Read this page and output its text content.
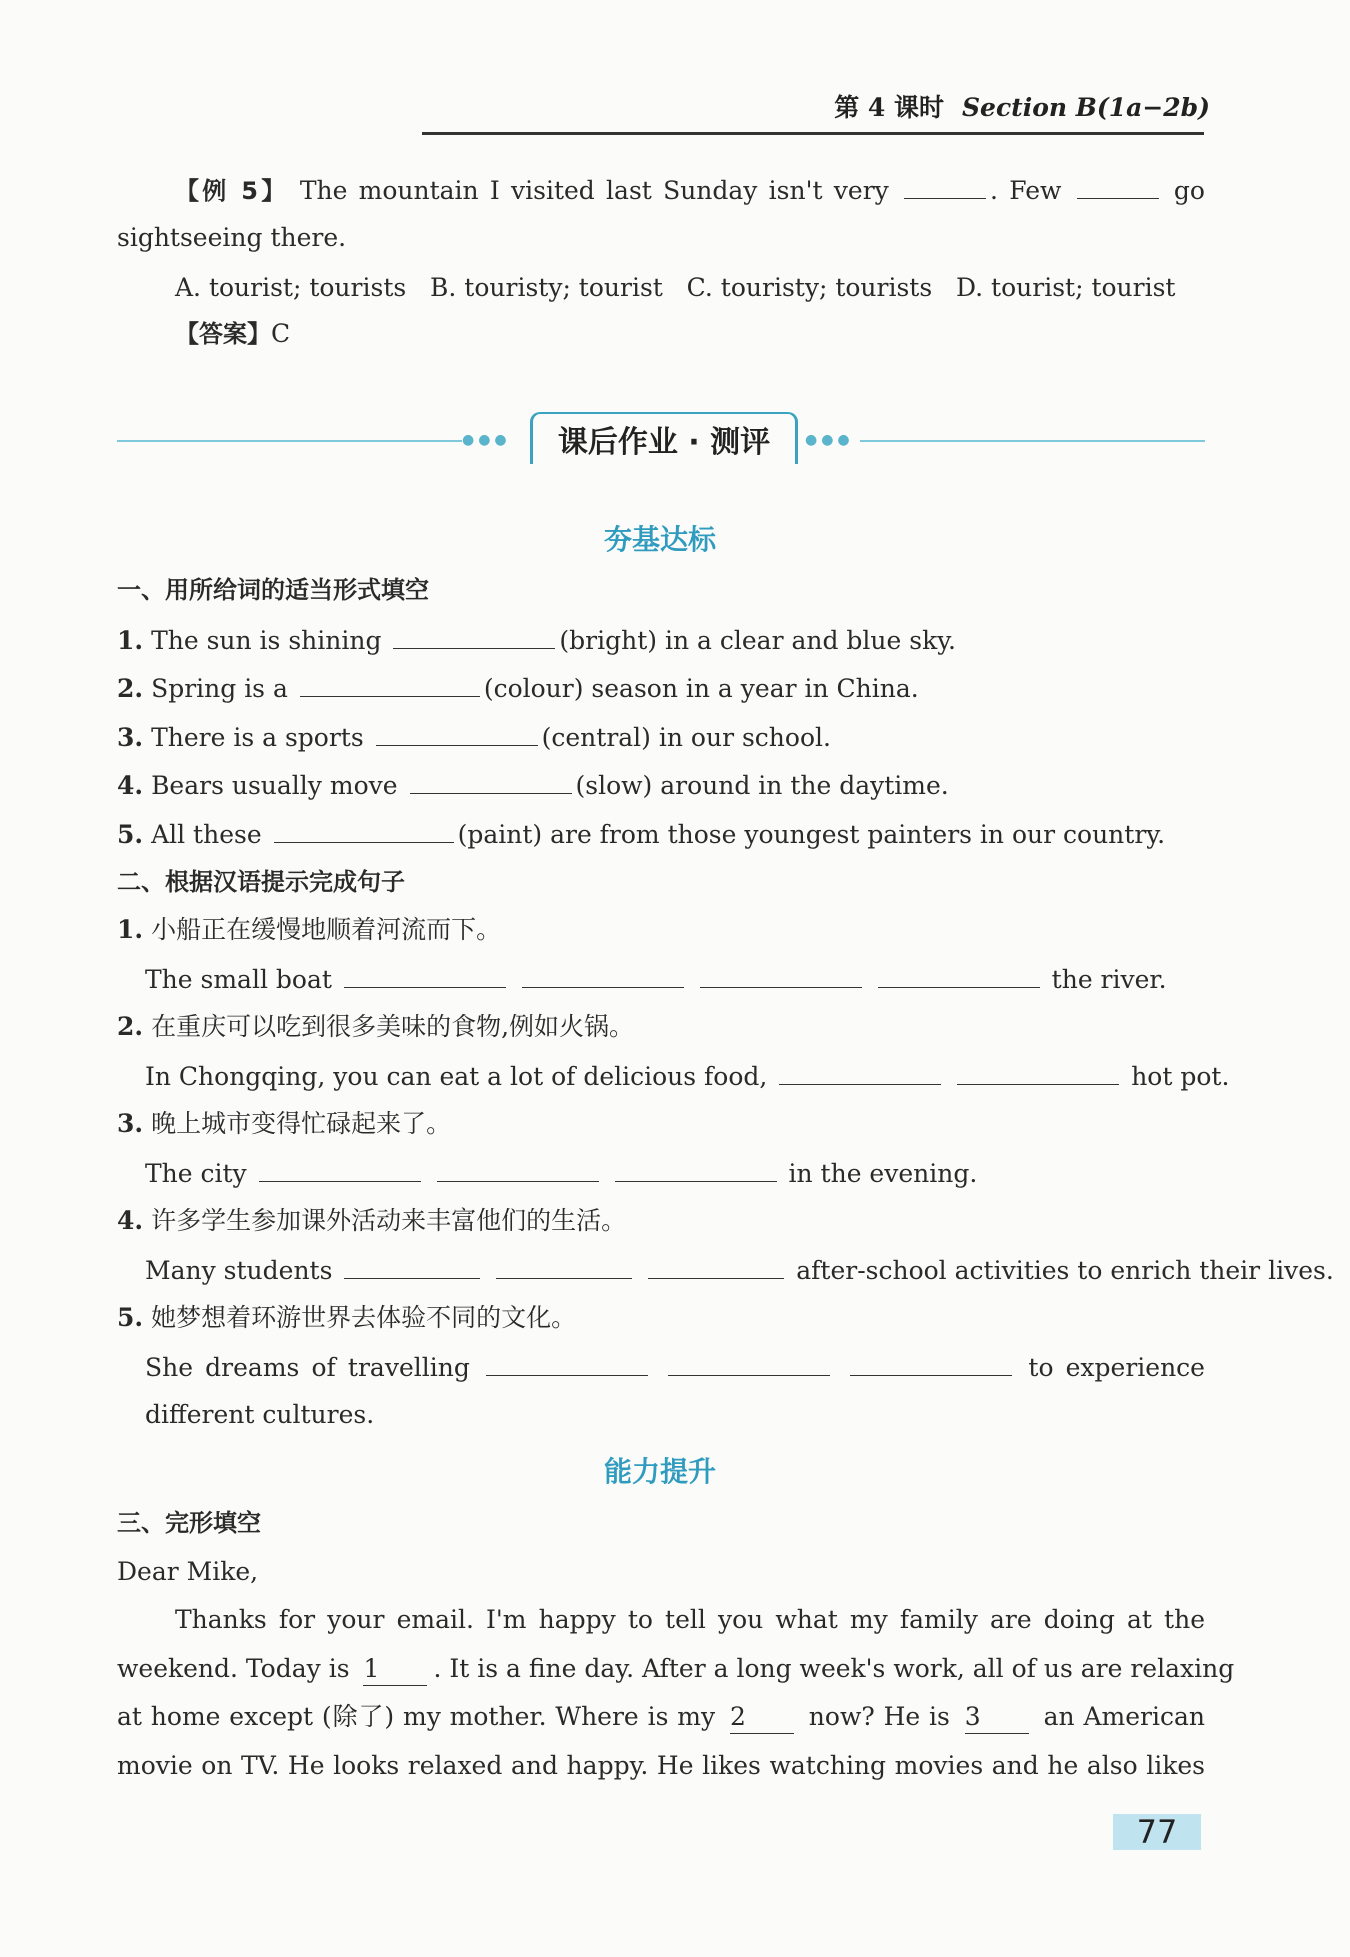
第 4 课时 Section B(1a−2b)
【例 5】 The mountain I visited last Sunday isn't very	. Few	go
sightseeing there.
A. tourist; tourists   B. touristy; tourist   C. touristy; tourists   D. tourist; tourist
【答案】C
●●●	课后作业 · 测评	●●●
夯基达标
一、用所给词的适当形式填空
1. The sun is shining	(bright) in a clear and blue sky.
2. Spring is a	(colour) season in a year in China.
3. There is a sports	(central) in our school.
4. Bears usually move	(slow) around in the daytime.
5. All these	(paint) are from those youngest painters in our country.
二、根据汉语提示完成句子
1. 小船正在缓慢地顺着河流而下。
The small boat	the river.
2. 在重庆可以吃到很多美味的食物,例如火锅。
In Chongqing, you can eat a lot of delicious food,	hot pot.
3. 晚上城市变得忙碌起来了。
The city	in the evening.
4. 许多学生参加课外活动来丰富他们的生活。
Many students	after-school activities to enrich their lives.
5. 她梦想着环游世界去体验不同的文化。
She dreams of travelling	to experience
different cultures.
能力提升
三、完形填空
Dear Mike,
Thanks for your email. I'm happy to tell you what my family are doing at the
weekend. Today is 1 . It is a fine day. After a long week's work, all of us are relaxing
at home except (除了) my mother. Where is my 2	now? He is 3	an American
movie on TV. He looks relaxed and happy. He likes watching movies and he also likes
77
